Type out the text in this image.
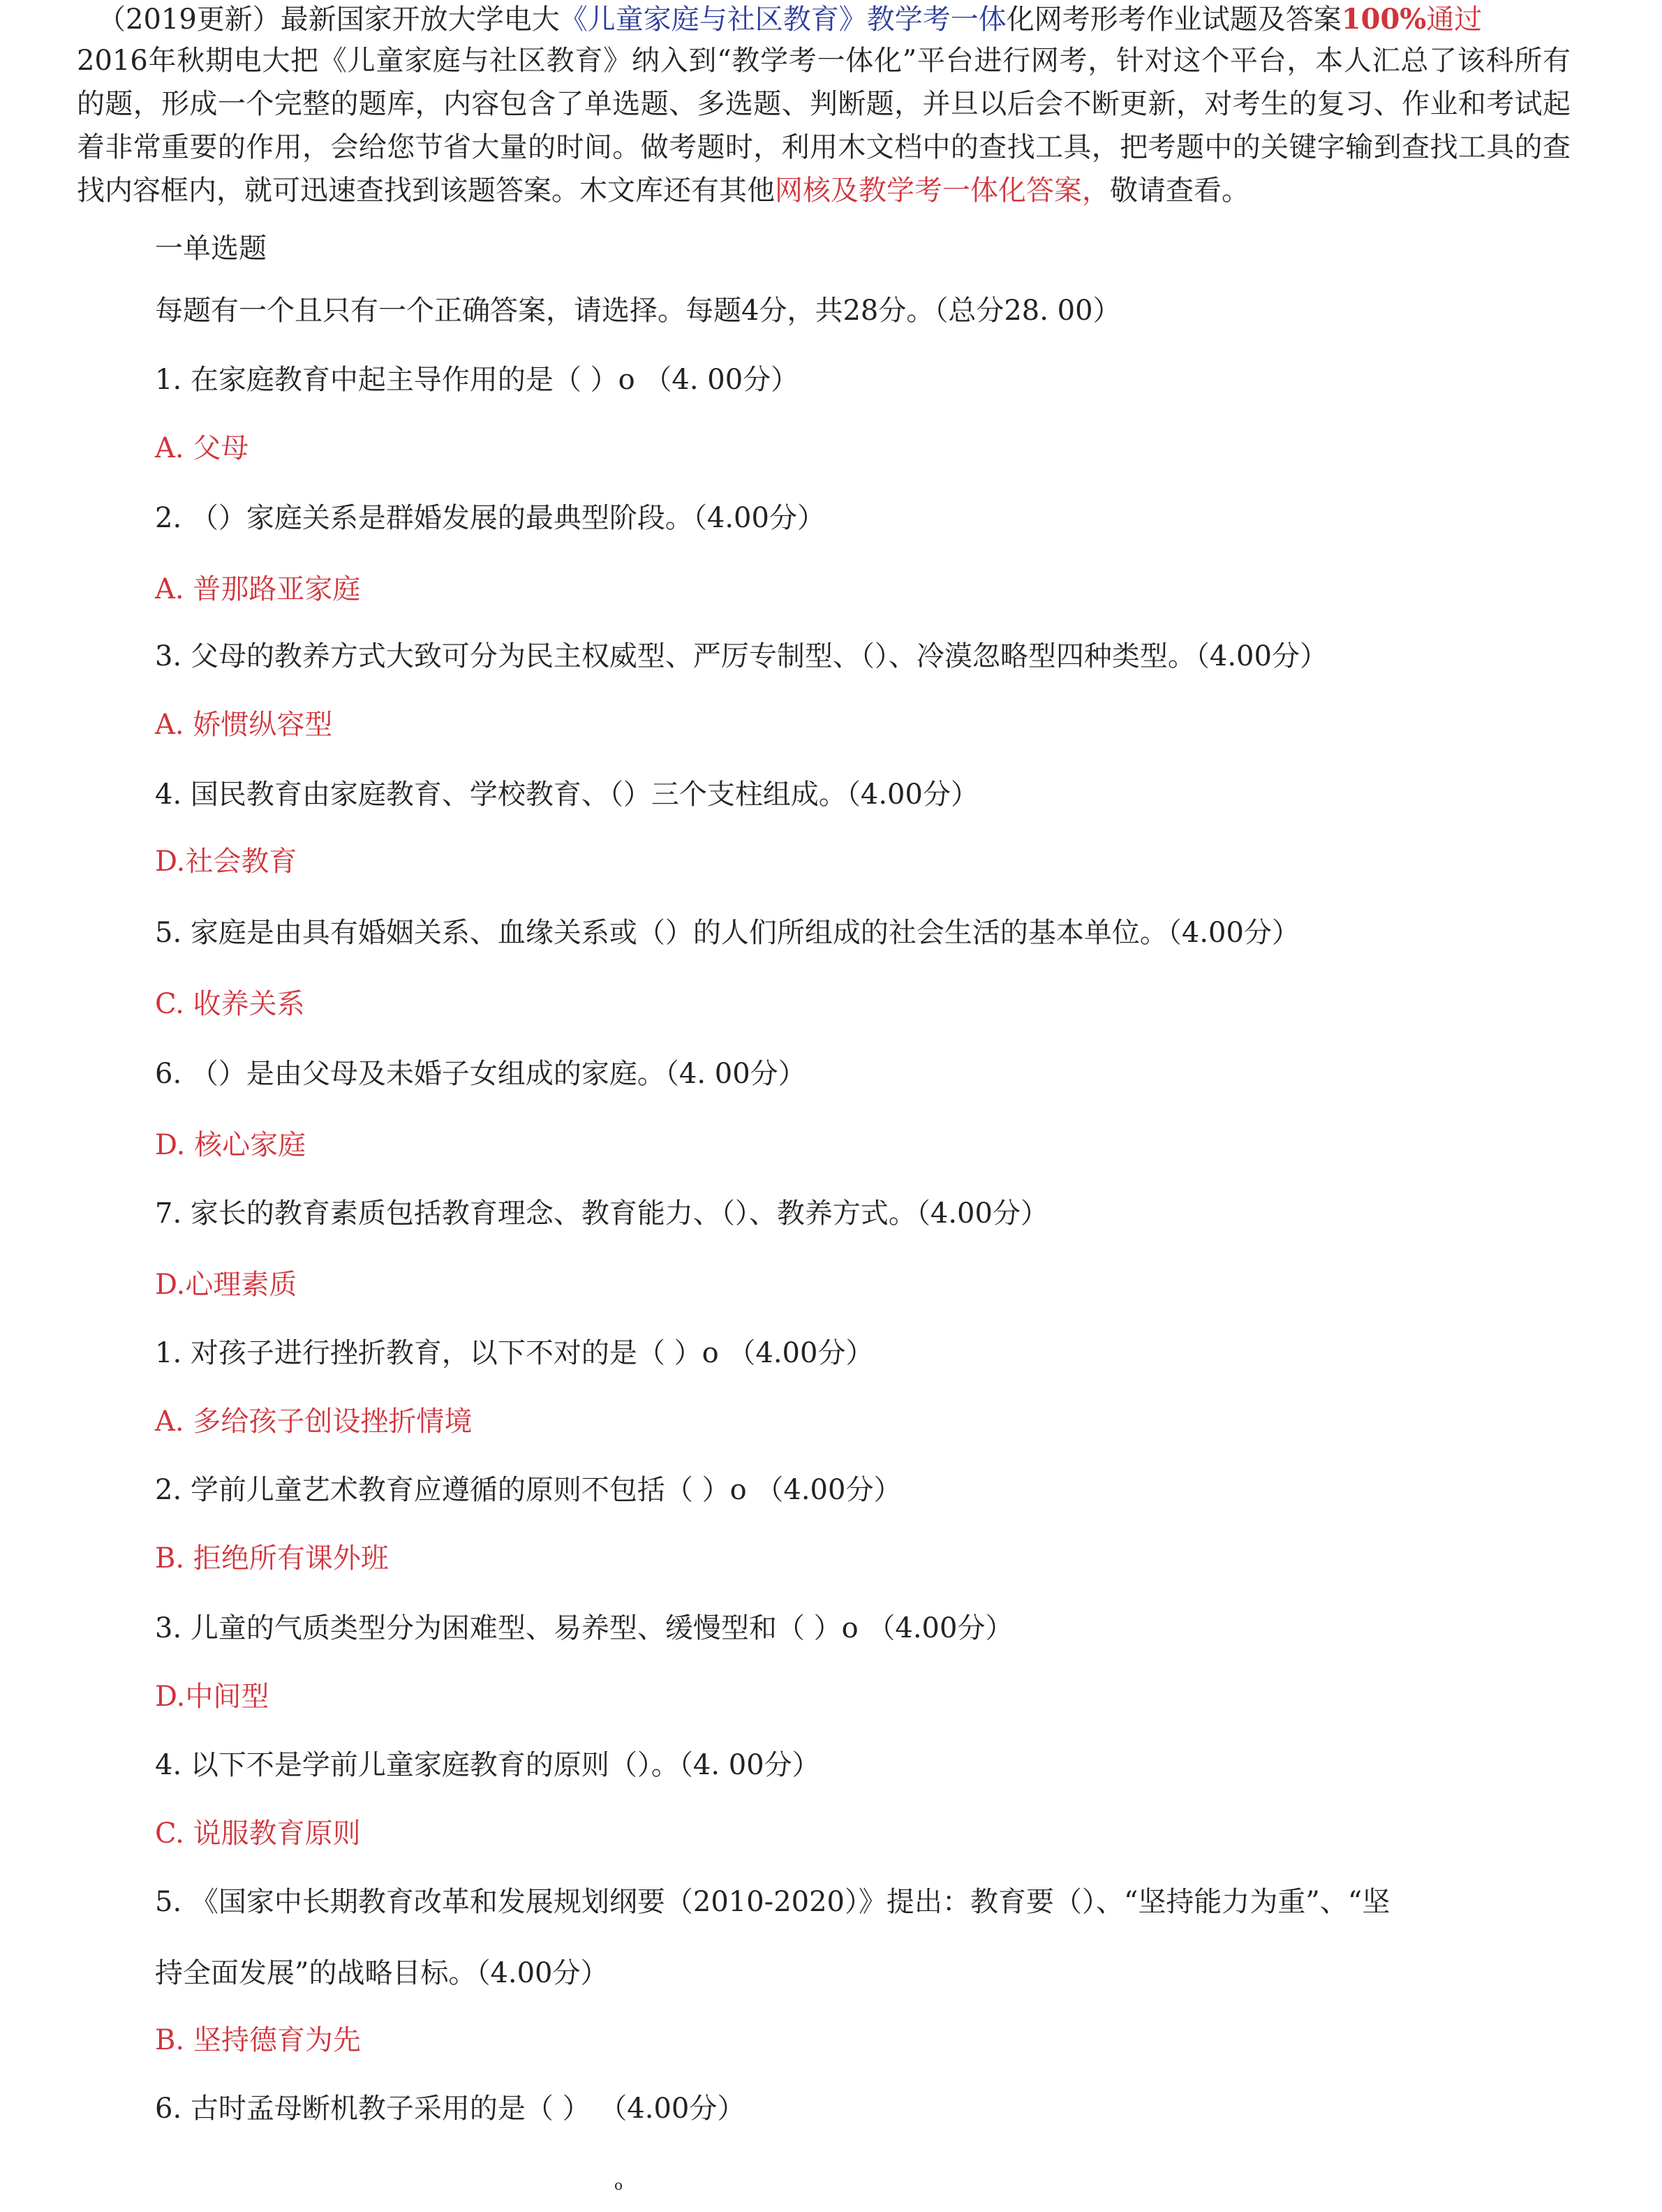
（2019更新）最新国家开放大学电大《儿童家庭与社区教育》教学考一体化网考形考作业试题及答案100%通过
2016年秋期电大把《儿童家庭与社区教育》纳入到“教学考一体化”平台进行网考，针对这个平台，本人汇总了该科所有的题，形成一个完整的题库，内容包含了单选题、多选题、判断题，并旦以后会不断更新，对考生的复习、作业和考试起着非常重要的作用，会给您节省大量的时间。做考题时，利用木文档中的查找工具，把考题中的关键字输到查找工具的查找内容框内，就可迅速查找到该题答案。木文库还有其他网核及教学考一体化答案，敬请查看。
一单选题
每题有一个且只有一个正确答案，请选择。每题4分，共28分。（总分28. 00）
1. 在家庭教育中起主导作用的是（ ）o （4. 00分）
A. 父母
2. （）家庭关系是群婚发展的最典型阶段。（4.00分）
A. 普那路亚家庭
3. 父母的教养方式大致可分为民主权威型、严厉专制型、（）、冷漠忽略型四种类型。（4.00分）
A. 娇惯纵容型
4. 国民教育由家庭教育、学校教育、（）三个支柱组成。（4.00分）
D.社会教育
5. 家庭是由具有婚姻关系、血缘关系或（）的人们所组成的社会生活的基本单位。（4.00分）
C. 收养关系
6. （）是由父母及未婚子女组成的家庭。（4. 00分）
D. 核心家庭
7. 家长的教育素质包括教育理念、教育能力、（）、教养方式。（4.00分）
D.心理素质
1. 对孩子进行挫折教育，以下不对的是（ ）o （4.00分）
A. 多给孩子创设挫折情境
2. 学前儿童艺术教育应遵循的原则不包括（ ）o （4.00分）
B. 拒绝所有课外班
3. 儿童的气质类型分为困难型、易养型、缓慢型和（ ）o （4.00分）
D.中间型
4. 以下不是学前儿童家庭教育的原则（）。（4. 00分）
C. 说服教育原则
5. 《国家中长期教育改革和发展规划纲要（2010-2020）》提出：教育要（）、“坚持能力为重”、“坚
持全面发展”的战略目标。（4.00分）
B. 坚持德育为先
6. 古时孟母断机教子采用的是（ ） （4.00分）
o
